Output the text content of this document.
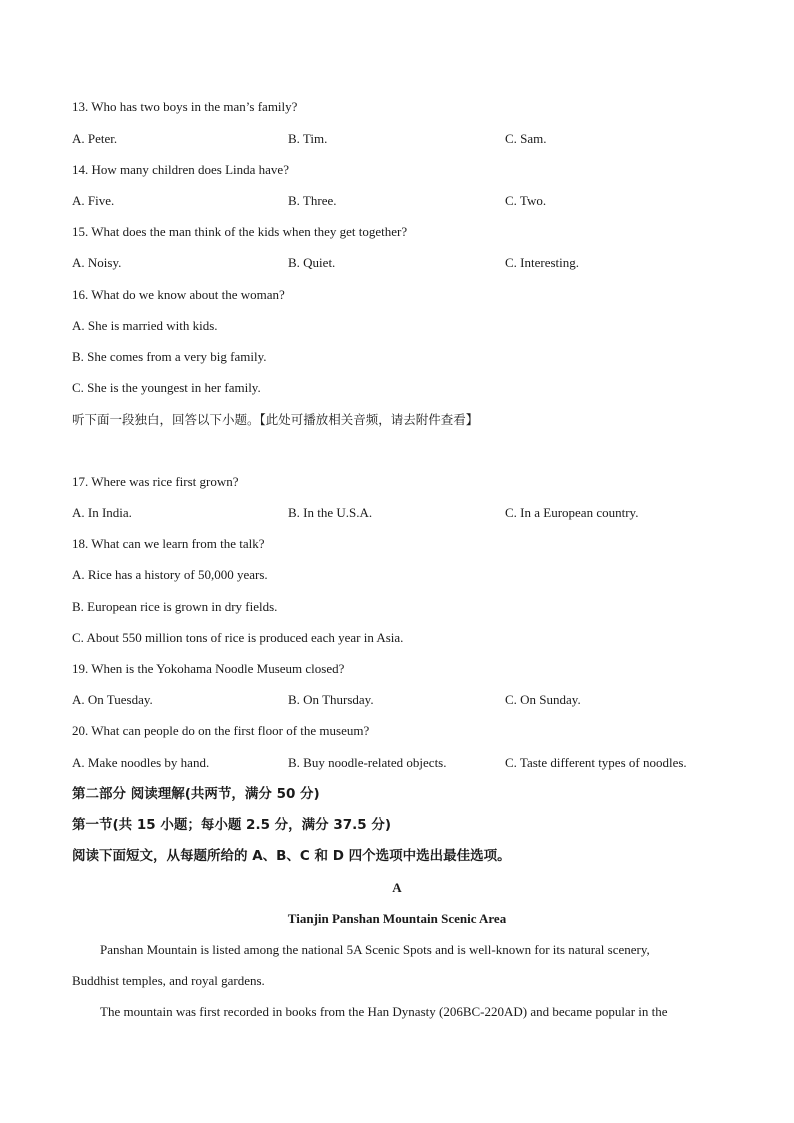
13. Who has two boys in the man’s family?
A. Peter.	B. Tim.	C. Sam.
14. How many children does Linda have?
A. Five.	B. Three.	C. Two.
15. What does the man think of the kids when they get together?
A. Noisy.	B. Quiet.	C. Interesting.
16. What do we know about the woman?
A. She is married with kids.
B. She comes from a very big family.
C. She is the youngest in her family.
听下面一段独白，回答以下小题。【此处可播放相关音频，请去附件查看】
17. Where was rice first grown?
A. In India.	B. In the U.S.A.	C. In a European country.
18. What can we learn from the talk?
A. Rice has a history of 50,000 years.
B. European rice is grown in dry fields.
C. About 550 million tons of rice is produced each year in Asia.
19. When is the Yokohama Noodle Museum closed?
A. On Tuesday.	B. On Thursday.	C. On Sunday.
20. What can people do on the first floor of the museum?
A. Make noodles by hand.	B. Buy noodle-related objects.	C. Taste different types of noodles.
第二部分 阅读理解(共两节，满分 50 分)
第一节(共 15 小题；每小题 2.5 分，满分 37.5 分)
阅读下面短文，从每题所给的 A、B、C 和 D 四个选项中选出最佳选项。
A
Tianjin Panshan Mountain Scenic Area
Panshan Mountain is listed among the national 5A Scenic Spots and is well-known for its natural scenery,
Buddhist temples, and royal gardens.
The mountain was first recorded in books from the Han Dynasty (206BC-220AD) and became popular in the
